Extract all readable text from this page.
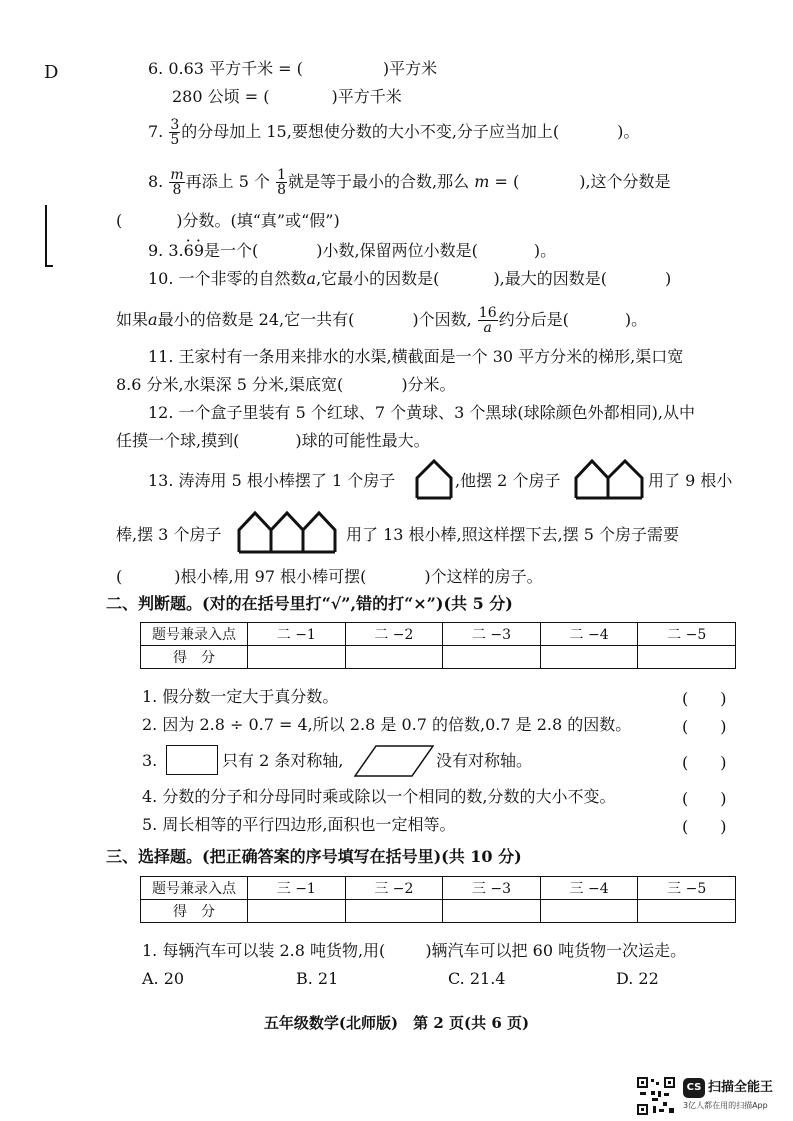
D	6. 0.63 平方千米 = (	)平方米
280 公顷 = (	)平方千米
7. $\frac{3}{5}$ 的分母加上 15,要想使分数的大小不变,分子应当加上(	)。
8. $\frac{m}{8}$ 再添上 5 个 $\frac{1}{8}$ 就是等于最小的合数,那么 m = (	),这个分数是
(	)分数。(填“真”或“假”)
9. 3.· 6· 9是一个(	)小数,保留两位小数是(	)。
10. 一个非零的自然数a,它最小的因数是(	),最大的因数是(	)
如果a最小的倍数是 24,它一共有(	)个因数, $\frac{16}{a}$ 约分后是(	)。
11. 王家村有一条用来排水的水渠,横截面是一个 30 平方分米的梯形,渠口宽
8.6 分米,水渠深 5 分米,渠底宽(	)分米。
12. 一个盒子里装有 5 个红球、7 个黄球、3 个黑球(球除颜色外都相同),从中
任摸一个球,摸到(	)球的可能性最大。
13. 涛涛用 5 根小棒摆了 1 个房子	,他摆 2 个房子	用了 9 根小
棒,摆 3 个房子	用了 13 根小棒,照这样摆下去,摆 5 个房子需要
(	)根小棒,用 97 根小棒可摆(	)个这样的房子。
二、判断题。(对的在括号里打“√”,错的打“×”)(共 5 分)
题号兼录入点	二 −1	二 −2	二 −3	二 −4	二 −5
得　分					
1. 假分数一定大于真分数。	(　　)
2. 因为 2.8 ÷ 0.7 = 4,所以 2.8 是 0.7 的倍数,0.7 是 2.8 的因数。	(　　)
3.	只有 2 条对称轴,	没有对称轴。	(　　)
4. 分数的分子和分母同时乘或除以一个相同的数,分数的大小不变。	(　　)
5. 周长相等的平行四边形,面积也一定相等。	(　　)
三、选择题。(把正确答案的序号填写在括号里)(共 10 分)
题号兼录入点	三 −1	三 −2	三 −3	三 −4	三 −5
得　分					
1. 每辆汽车可以装 2.8 吨货物,用(	)辆汽车可以把 60 吨货物一次运走。
A. 20	B. 21	C. 21.4	D. 22
五年级数学(北师版)　第 2 页(共 6 页)
CS 扫描全能王
3亿人都在用的扫描App
